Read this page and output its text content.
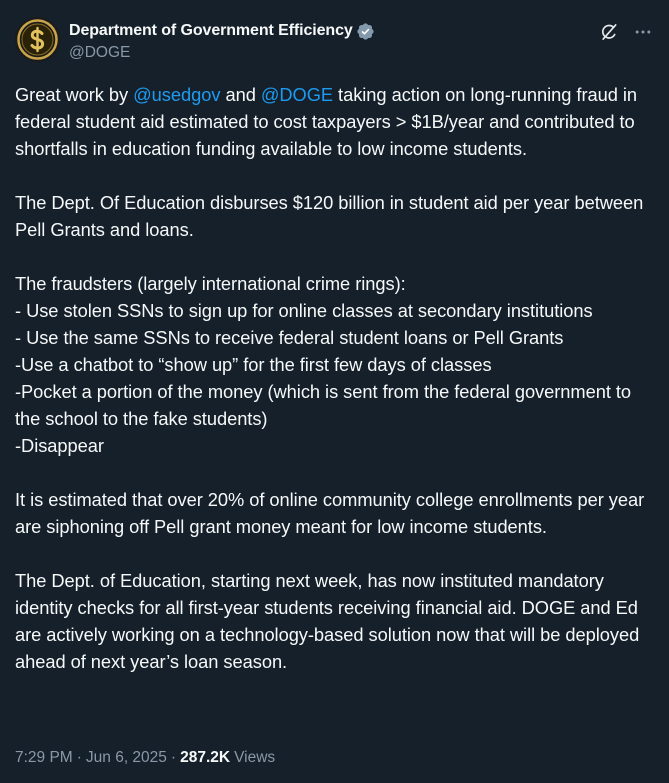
Department of Government Efficiency
@DOGE

Great work by @usedgov and @DOGE taking action on long-running fraud in federal student aid estimated to cost taxpayers > $1B/year and contributed to shortfalls in education funding available to low income students.

The Dept. Of Education disburses $120 billion in student aid per year between Pell Grants and loans.

The fraudsters (largely international crime rings):
- Use stolen SSNs to sign up for online classes at secondary institutions
- Use the same SSNs to receive federal student loans or Pell Grants
-Use a chatbot to “show up” for the first few days of classes
-Pocket a portion of the money (which is sent from the federal government to the school to the fake students)
-Disappear

It is estimated that over 20% of online community college enrollments per year are siphoning off Pell grant money meant for low income students.

The Dept. of Education, starting next week, has now instituted mandatory identity checks for all first-year students receiving financial aid. DOGE and Ed are actively working on a technology-based solution now that will be deployed ahead of next year’s loan season.

7:29 PM · Jun 6, 2025 · 287.2K Views
